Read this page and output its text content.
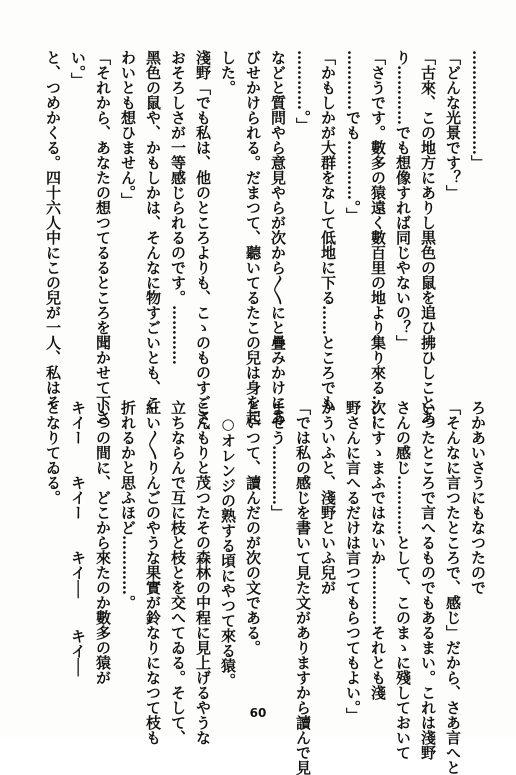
…………………」

「どんな光景です？」

「古來、この地方にありし黒色の鼠を追ひ拂ひしことあ

り…………でも想像すれば同じやないの？」

「さうです。數多の猿遠く數百里の地より集り來る……

…………でも…………。」

「かもしかが大群をなして低地に下る……ところでも

…………。」

などと質問やら意見やらが次から〳〵にと疊みかけにあ

びせかけられる。だまつて、聽いてるたこの兒は身を起

した。

淺野「でも私は、他のところよりも、こゝのものすごさ、

おそろしさが一等感じられるのです。…………

黑色の鼠や、かもしかは、そんなに物すごいとも、こ

わいとも想ひません。」

「それから、あなたの想つてるるところを聞かせて下さ

い。」

と、つめかくる。四十六人中にこの兒が一人、私はそ

ろかあいさうにもなつたので

「そんなに言つたところで、感じ」だから、さあ言へと

いつたところで言へるものでもあるまい。これは淺野

さんの感じ…………として、このまゝに殘しておいて

次にすゝまふではないか…………それとも淺

野さんに言へるだけは言つてもらつてもよい。」

かういふと、淺野といふ兒が

「では私の感じを書いて見た文がありますから讀んで見

ませう…………」

といつて、讀んだのが次の文である。

　○オレンジの熟する頃にやつて來る猿。

こんもりと茂つたその森林の中程に見上げるやうな

立ちならんで互に枝と枝とを交へてゐる。そして、

紅い〳〵りんごのやうな果實が鈴なりになつて枝も

折れるかと思ふほど…………。

いつの間に、どこから來たのか數多の猿が

キイー　　キイー　　キイ──　　キイ──

となりてゐる。

60
